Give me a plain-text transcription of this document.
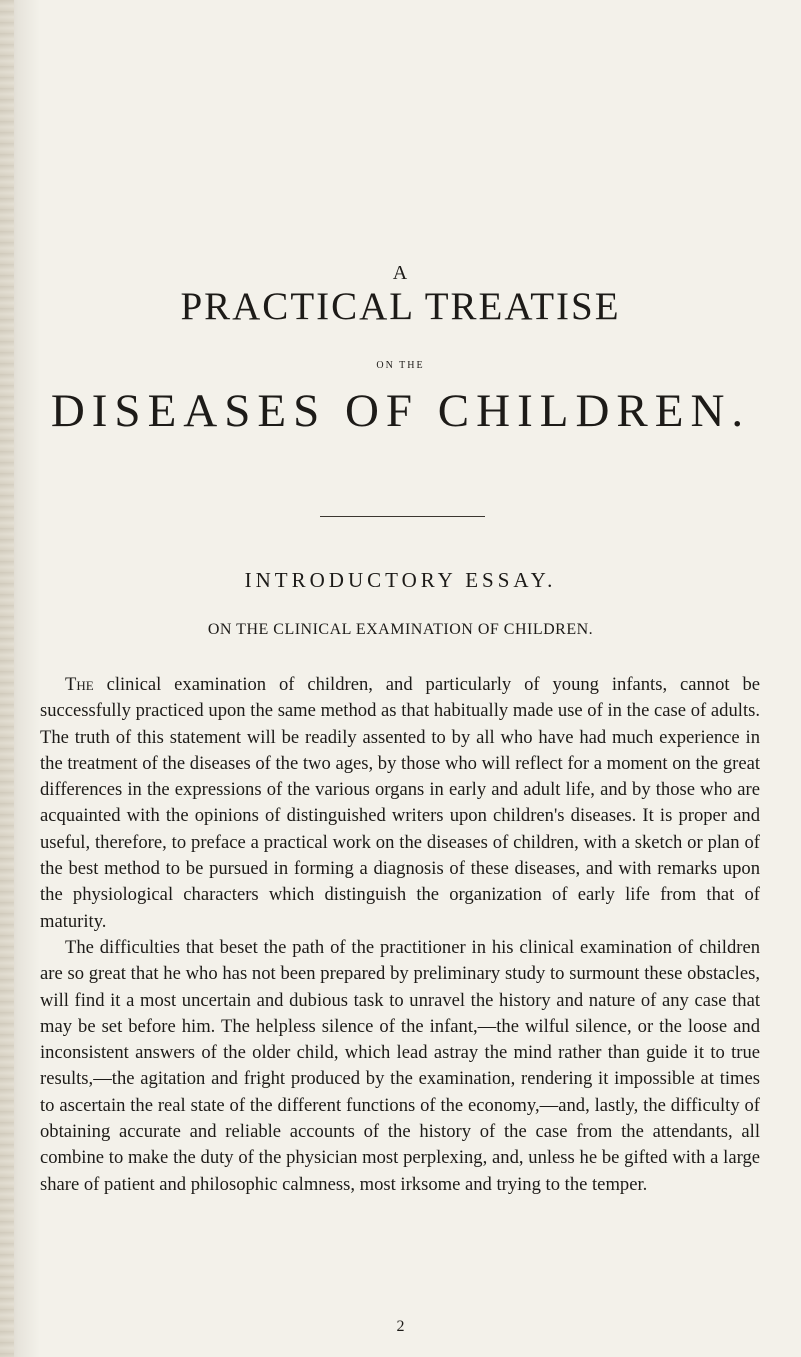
A
PRACTICAL TREATISE
ON THE
DISEASES OF CHILDREN.
INTRODUCTORY ESSAY.
ON THE CLINICAL EXAMINATION OF CHILDREN.

The clinical examination of children, and particularly of young infants, cannot be successfully practiced upon the same method as that habitually made use of in the case of adults. The truth of this statement will be readily assented to by all who have had much experience in the treatment of the diseases of the two ages, by those who will reflect for a moment on the great differences in the expressions of the various organs in early and adult life, and by those who are acquainted with the opinions of distinguished writers upon children's diseases. It is proper and useful, therefore, to preface a practical work on the diseases of children, with a sketch or plan of the best method to be pursued in forming a diagnosis of these diseases, and with remarks upon the physiological characters which distinguish the organization of early life from that of maturity.

The difficulties that beset the path of the practitioner in his clinical examination of children are so great that he who has not been prepared by preliminary study to surmount these obstacles, will find it a most uncertain and dubious task to unravel the history and nature of any case that may be set before him. The helpless silence of the infant,—the wilful silence, or the loose and inconsistent answers of the older child, which lead astray the mind rather than guide it to true results,—the agitation and fright produced by the examination, rendering it impossible at times to ascertain the real state of the different functions of the economy,—and, lastly, the difficulty of obtaining accurate and reliable accounts of the history of the case from the attendants, all combine to make the duty of the physician most perplexing, and, unless he be gifted with a large share of patient and philosophic calmness, most irksome and trying to the temper.

2
